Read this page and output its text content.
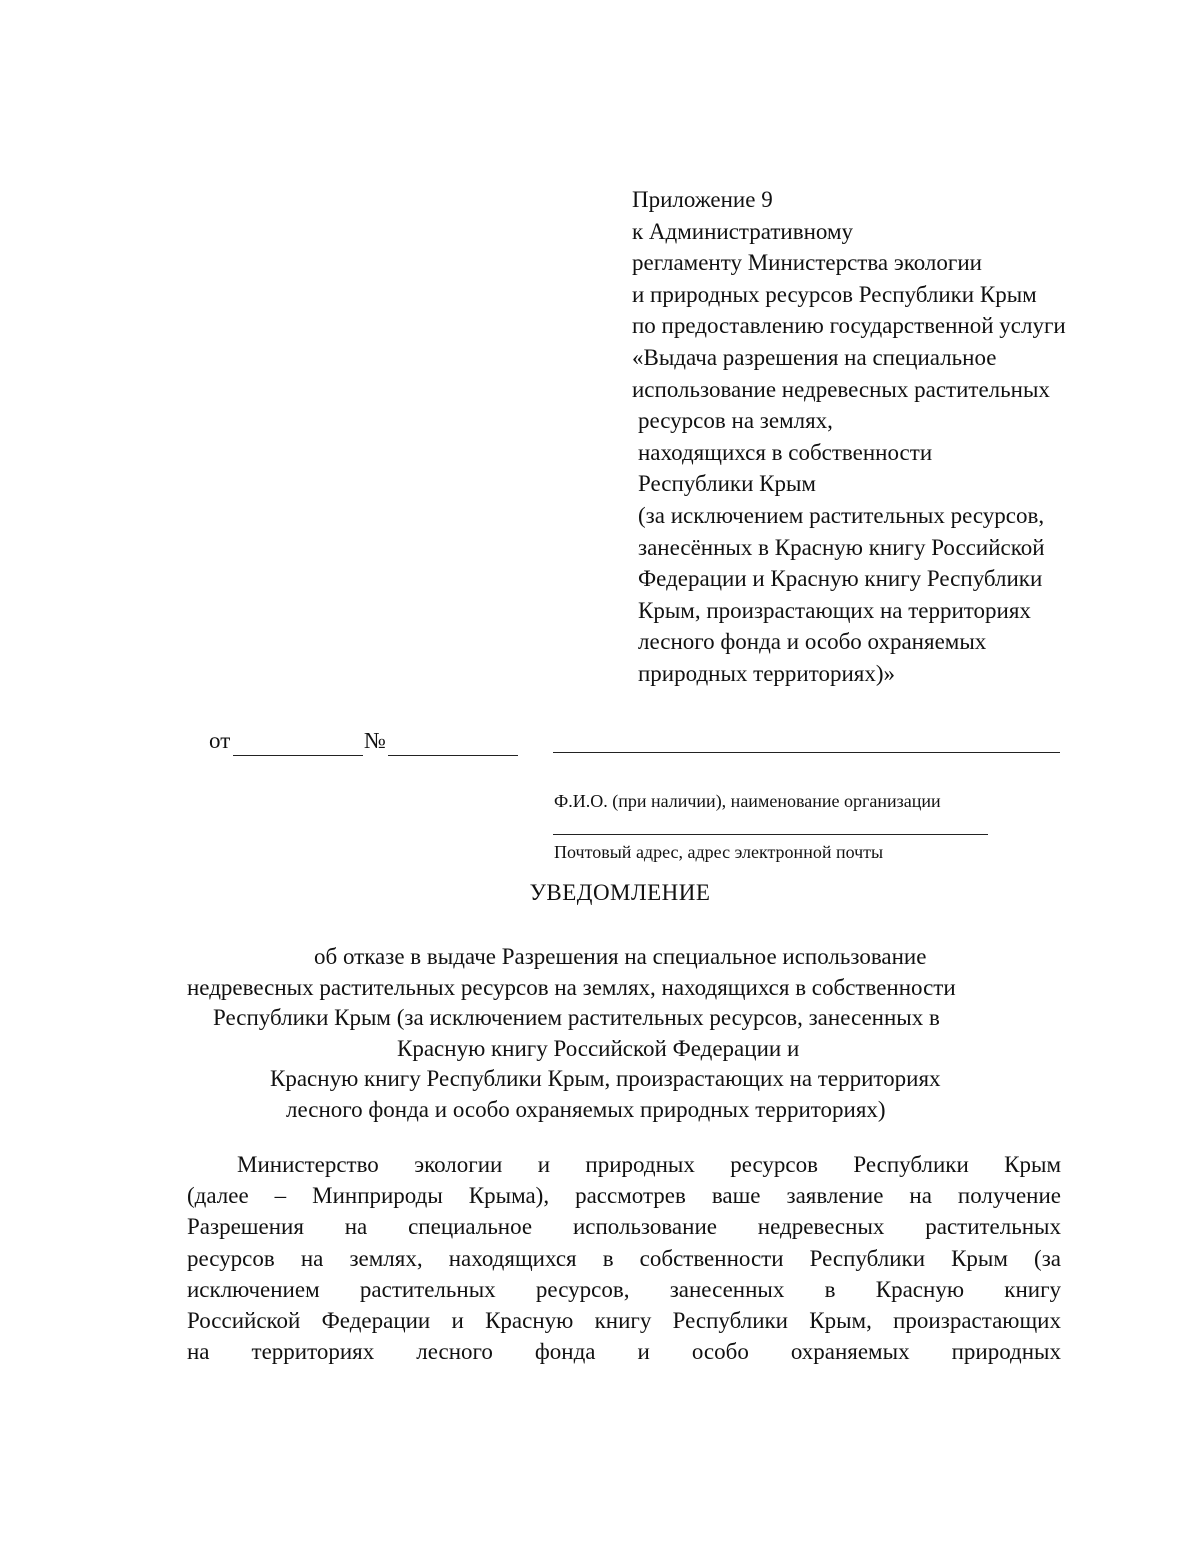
Приложение 9
к Административному
регламенту Министерства экологии
и природных ресурсов Республики Крым
по предоставлению государственной услуги
«Выдача разрешения на специальное
использование недревесных растительных
ресурсов на землях,
находящихся в собственности
Республики Крым
(за исключением растительных ресурсов,
занесённых в Красную книгу Российской
Федерации и Красную книгу Республики
Крым, произрастающих на территориях
лесного фонда и особо охраняемых
природных территориях)»
от	№
Ф.И.О. (при наличии), наименование организации
Почтовый адрес, адрес электронной почты
УВЕДОМЛЕНИЕ
об отказе в выдаче Разрешения на специальное использование
недревесных растительных ресурсов на землях, находящихся в собственности
Республики Крым (за исключением растительных ресурсов, занесенных в
Красную книгу Российской Федерации и
Красную книгу Республики Крым, произрастающих на территориях
лесного фонда и особо охраняемых природных территориях)
Министерство экологии и природных ресурсов Республики Крым
(далее – Минприроды Крыма), рассмотрев ваше заявление на получение
Разрешения на специальное использование недревесных растительных
ресурсов на землях, находящихся в собственности Республики Крым (за
исключением растительных ресурсов, занесенных в Красную книгу
Российской Федерации и Красную книгу Республики Крым, произрастающих
на территориях лесного фонда и особо охраняемых природных
